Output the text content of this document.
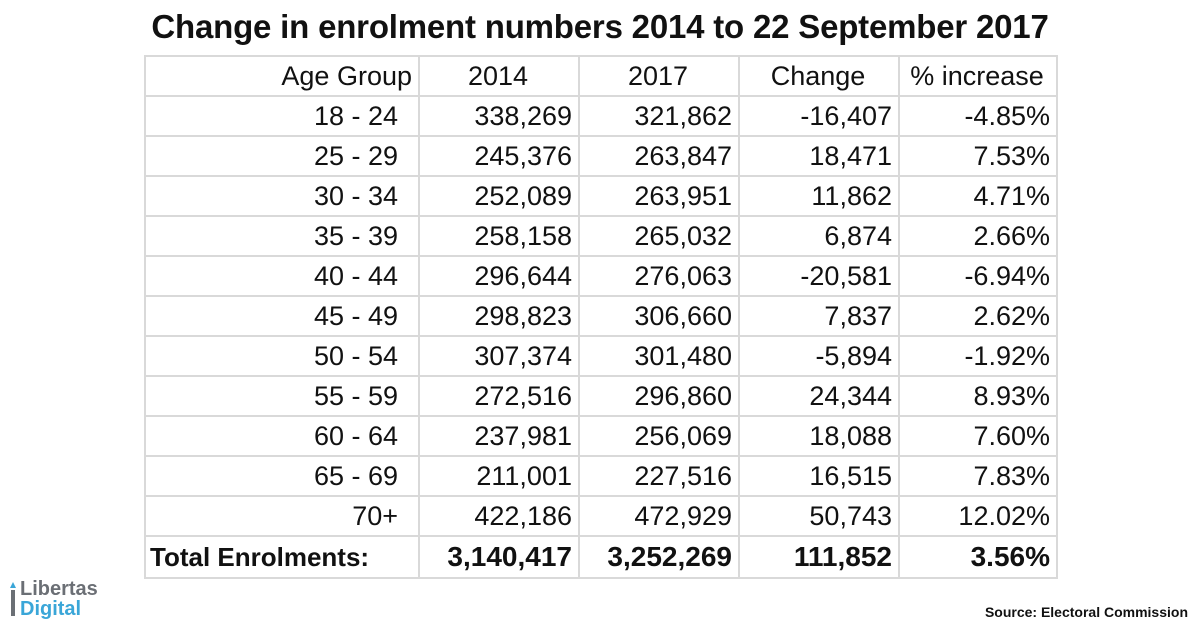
Change in enrolment numbers 2014 to 22 September 2017
Age Group	2014	2017	Change	% increase
18 - 24	338,269	321,862	-16,407	-4.85%
25 - 29	245,376	263,847	18,471	7.53%
30 - 34	252,089	263,951	11,862	4.71%
35 - 39	258,158	265,032	6,874	2.66%
40 - 44	296,644	276,063	-20,581	-6.94%
45 - 49	298,823	306,660	7,837	2.62%
50 - 54	307,374	301,480	-5,894	-1.92%
55 - 59	272,516	296,860	24,344	8.93%
60 - 64	237,981	256,069	18,088	7.60%
65 - 69	211,001	227,516	16,515	7.83%
70+	422,186	472,929	50,743	12.02%
Total Enrolments:	3,140,417	3,252,269	111,852	3.56%
Libertas
Digital	Source: Electoral Commission
